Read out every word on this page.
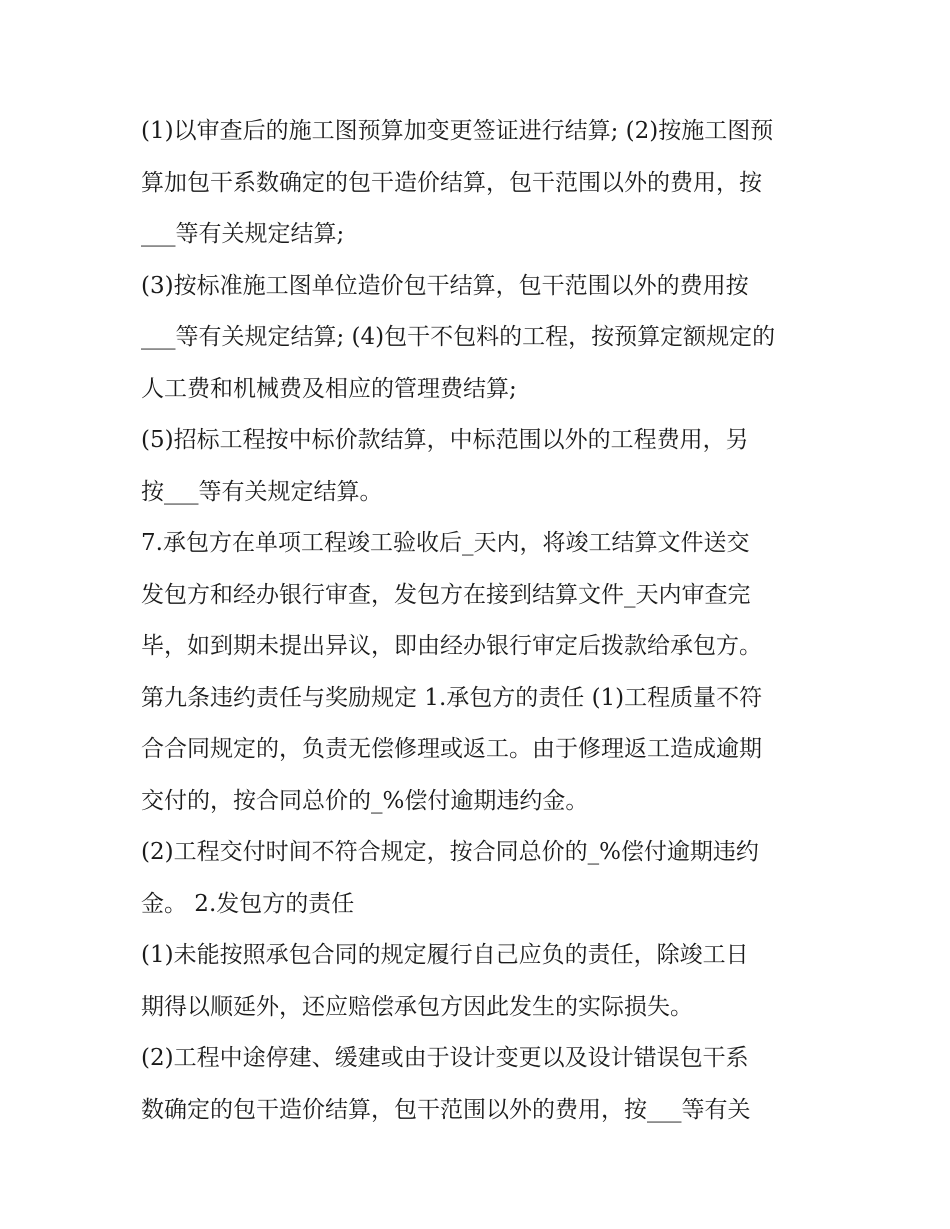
(1)以审查后的施工图预算加变更签证进行结算; (2)按施工图预
算加包干系数确定的包干造价结算，包干范围以外的费用，按
___等有关规定结算;
(3)按标准施工图单位造价包干结算，包干范围以外的费用按
___等有关规定结算; (4)包干不包料的工程，按预算定额规定的
人工费和机械费及相应的管理费结算;
(5)招标工程按中标价款结算，中标范围以外的工程费用，另
按___等有关规定结算。
7.承包方在单项工程竣工验收后_天内，将竣工结算文件送交
发包方和经办银行审查，发包方在接到结算文件_天内审查完
毕，如到期未提出异议，即由经办银行审定后拨款给承包方。
第九条违约责任与奖励规定 1.承包方的责任 (1)工程质量不符
合合同规定的，负责无偿修理或返工。由于修理返工造成逾期
交付的，按合同总价的_%偿付逾期违约金。
(2)工程交付时间不符合规定，按合同总价的_%偿付逾期违约
金。 2.发包方的责任
(1)未能按照承包合同的规定履行自己应负的责任，除竣工日
期得以顺延外，还应赔偿承包方因此发生的实际损失。
(2)工程中途停建、缓建或由于设计变更以及设计错误包干系
数确定的包干造价结算，包干范围以外的费用，按___等有关
